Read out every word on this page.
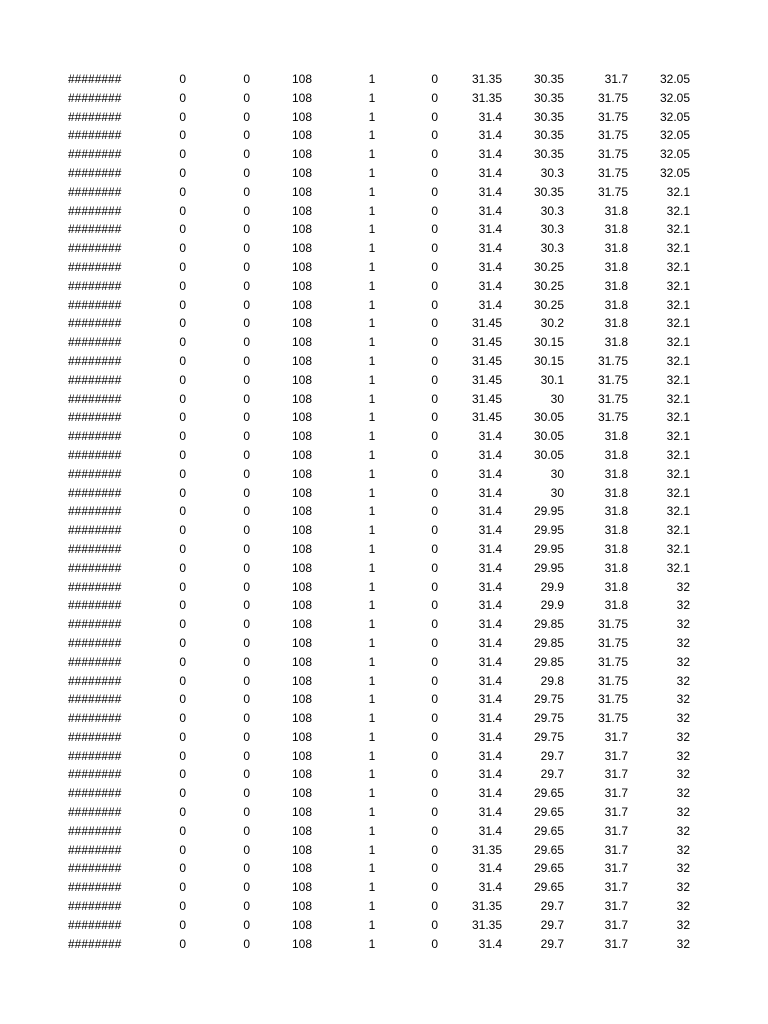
########	0	0	108	1	0	31.35	30.35	31.7	32.05
########	0	0	108	1	0	31.35	30.35	31.75	32.05
########	0	0	108	1	0	31.4	30.35	31.75	32.05
########	0	0	108	1	0	31.4	30.35	31.75	32.05
########	0	0	108	1	0	31.4	30.35	31.75	32.05
########	0	0	108	1	0	31.4	30.3	31.75	32.05
########	0	0	108	1	0	31.4	30.35	31.75	32.1
########	0	0	108	1	0	31.4	30.3	31.8	32.1
########	0	0	108	1	0	31.4	30.3	31.8	32.1
########	0	0	108	1	0	31.4	30.3	31.8	32.1
########	0	0	108	1	0	31.4	30.25	31.8	32.1
########	0	0	108	1	0	31.4	30.25	31.8	32.1
########	0	0	108	1	0	31.4	30.25	31.8	32.1
########	0	0	108	1	0	31.45	30.2	31.8	32.1
########	0	0	108	1	0	31.45	30.15	31.8	32.1
########	0	0	108	1	0	31.45	30.15	31.75	32.1
########	0	0	108	1	0	31.45	30.1	31.75	32.1
########	0	0	108	1	0	31.45	30	31.75	32.1
########	0	0	108	1	0	31.45	30.05	31.75	32.1
########	0	0	108	1	0	31.4	30.05	31.8	32.1
########	0	0	108	1	0	31.4	30.05	31.8	32.1
########	0	0	108	1	0	31.4	30	31.8	32.1
########	0	0	108	1	0	31.4	30	31.8	32.1
########	0	0	108	1	0	31.4	29.95	31.8	32.1
########	0	0	108	1	0	31.4	29.95	31.8	32.1
########	0	0	108	1	0	31.4	29.95	31.8	32.1
########	0	0	108	1	0	31.4	29.95	31.8	32.1
########	0	0	108	1	0	31.4	29.9	31.8	32
########	0	0	108	1	0	31.4	29.9	31.8	32
########	0	0	108	1	0	31.4	29.85	31.75	32
########	0	0	108	1	0	31.4	29.85	31.75	32
########	0	0	108	1	0	31.4	29.85	31.75	32
########	0	0	108	1	0	31.4	29.8	31.75	32
########	0	0	108	1	0	31.4	29.75	31.75	32
########	0	0	108	1	0	31.4	29.75	31.75	32
########	0	0	108	1	0	31.4	29.75	31.7	32
########	0	0	108	1	0	31.4	29.7	31.7	32
########	0	0	108	1	0	31.4	29.7	31.7	32
########	0	0	108	1	0	31.4	29.65	31.7	32
########	0	0	108	1	0	31.4	29.65	31.7	32
########	0	0	108	1	0	31.4	29.65	31.7	32
########	0	0	108	1	0	31.35	29.65	31.7	32
########	0	0	108	1	0	31.4	29.65	31.7	32
########	0	0	108	1	0	31.4	29.65	31.7	32
########	0	0	108	1	0	31.35	29.7	31.7	32
########	0	0	108	1	0	31.35	29.7	31.7	32
########	0	0	108	1	0	31.4	29.7	31.7	32
